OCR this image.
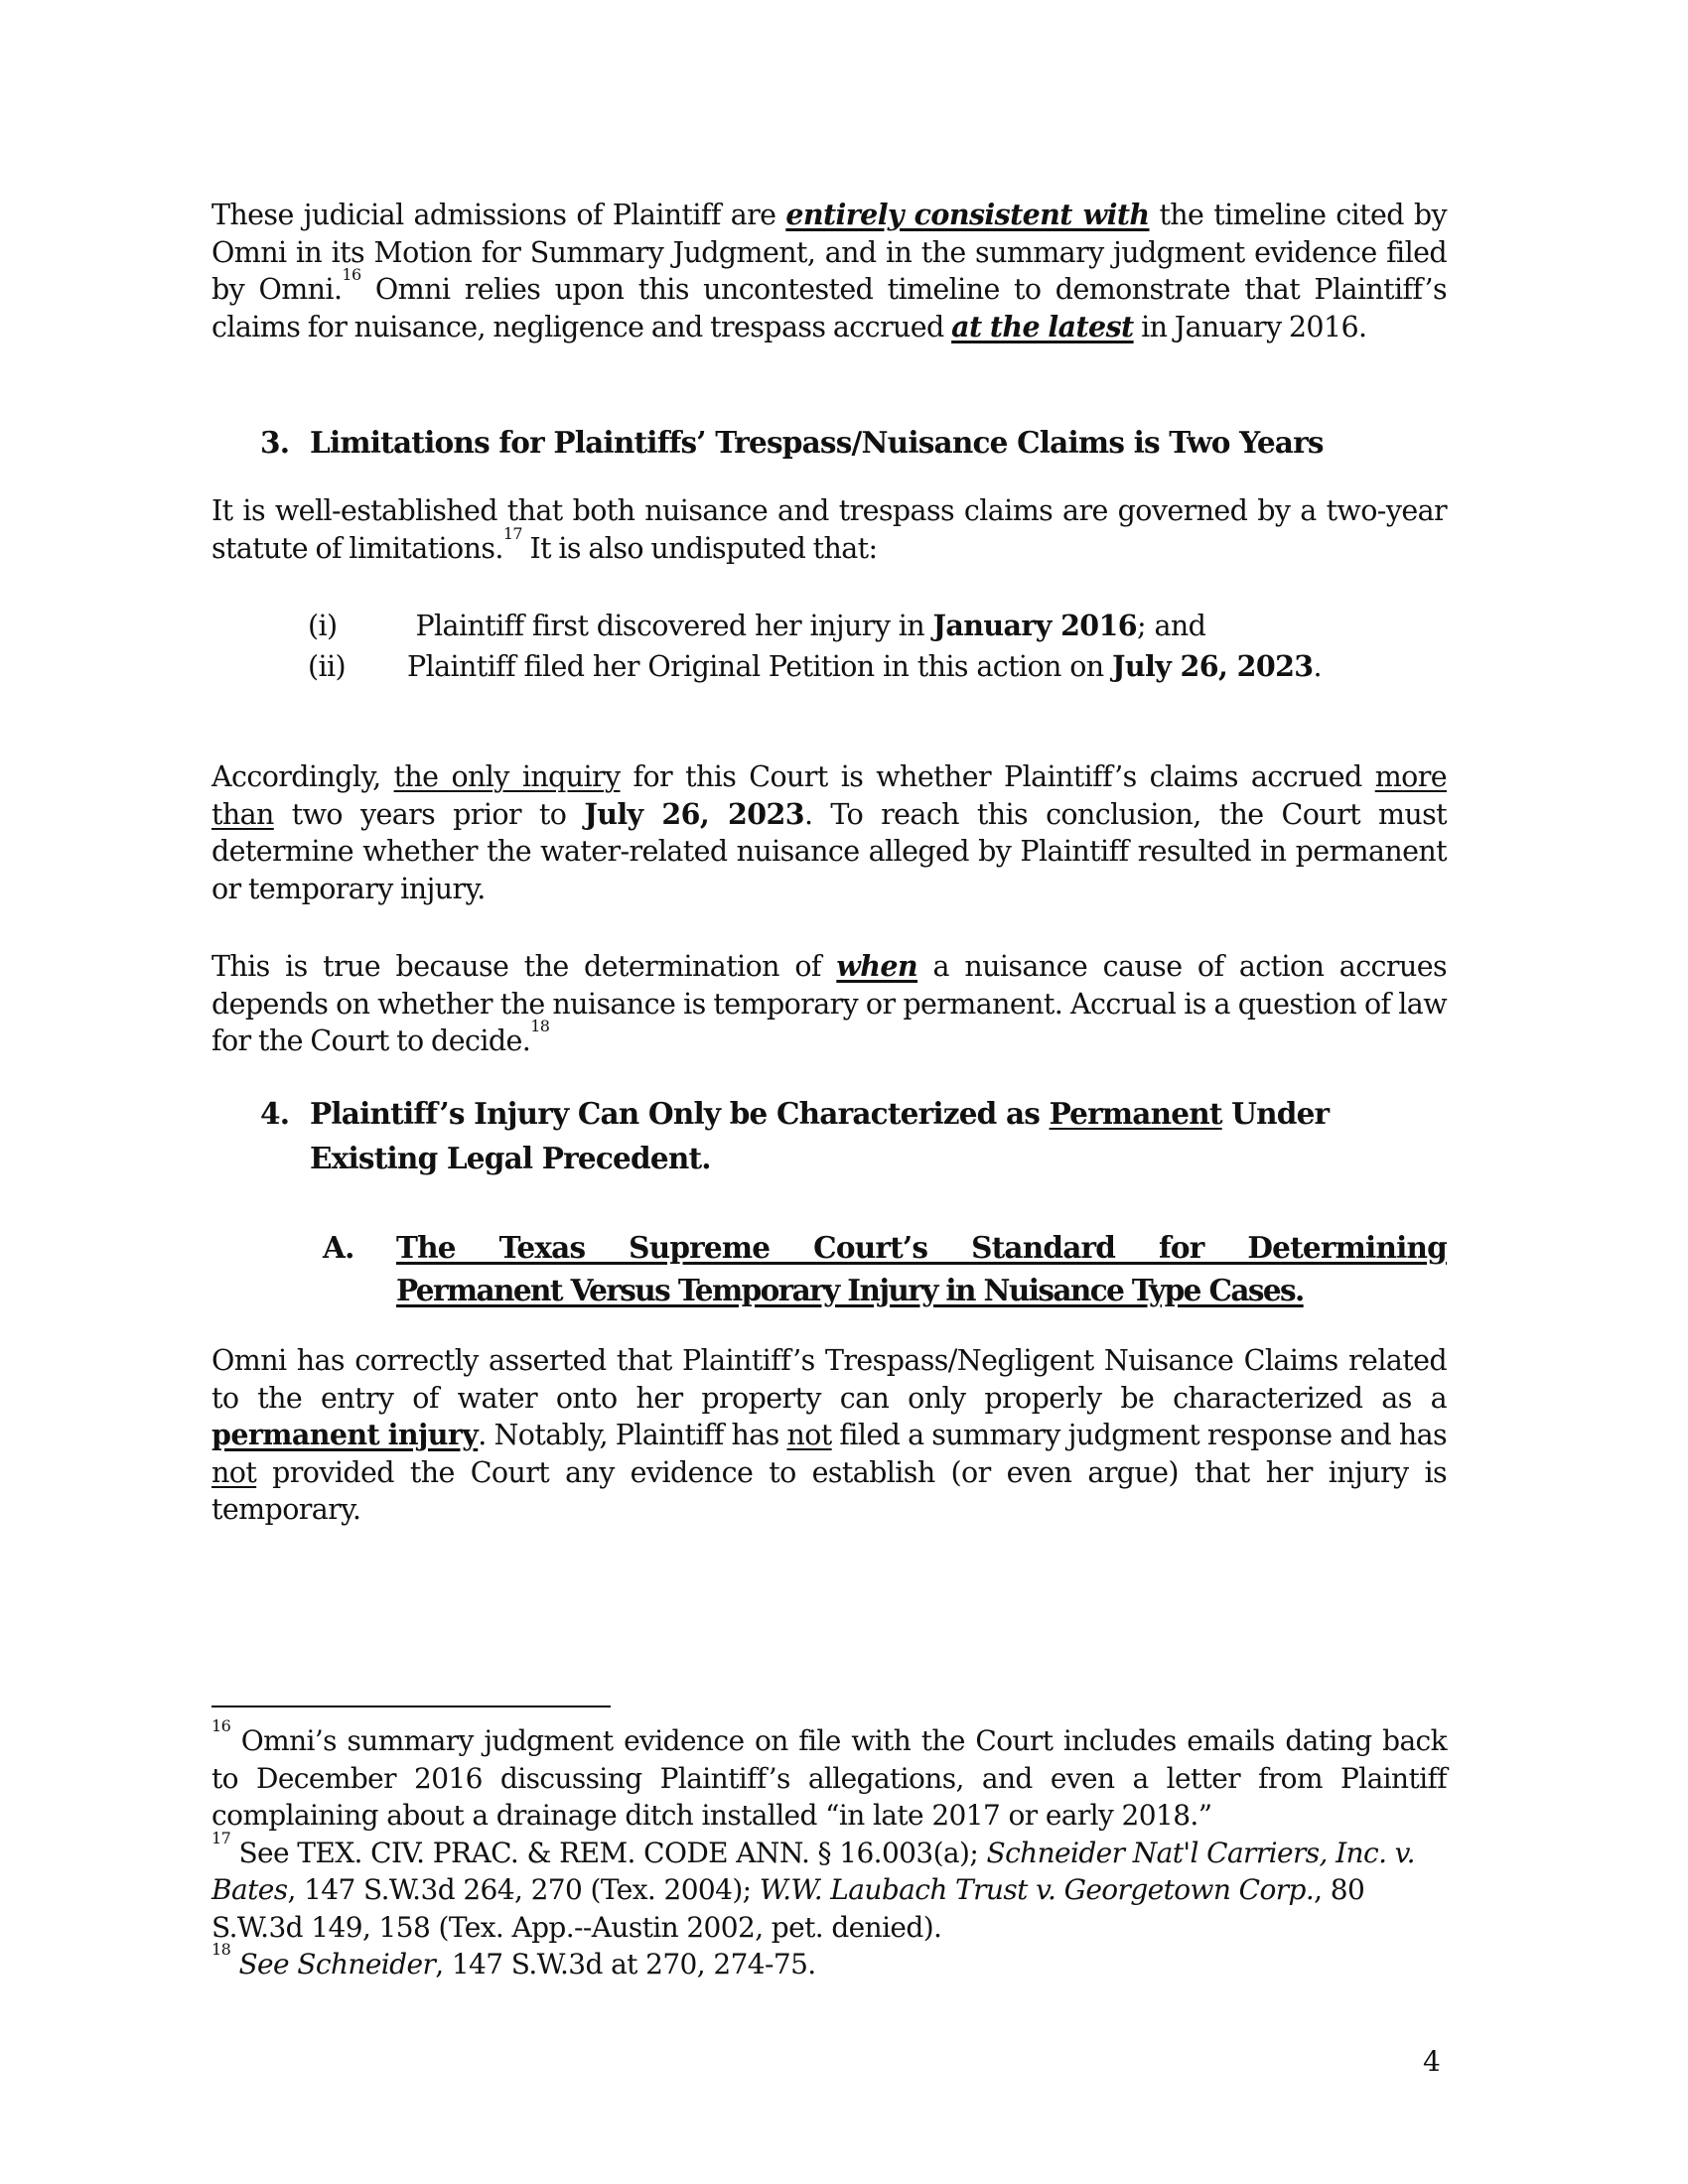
These judicial admissions of Plaintiff are entirely consistent with the timeline cited by Omni in its Motion for Summary Judgment, and in the summary judgment evidence filed by Omni.$^{16}$ Omni relies upon this uncontested timeline to demonstrate that Plaintiff’s claims for nuisance, negligence and trespass accrued at the latest in January 2016.

3. Limitations for Plaintiffs’ Trespass/Nuisance Claims is Two Years

It is well-established that both nuisance and trespass claims are governed by a two-year statute of limitations.$^{17}$ It is also undisputed that:

(i) Plaintiff first discovered her injury in January 2016; and
(ii) Plaintiff filed her Original Petition in this action on July 26, 2023.

Accordingly, the only inquiry for this Court is whether Plaintiff’s claims accrued more than two years prior to July 26, 2023. To reach this conclusion, the Court must determine whether the water-related nuisance alleged by Plaintiff resulted in permanent or temporary injury.

This is true because the determination of when a nuisance cause of action accrues depends on whether the nuisance is temporary or permanent. Accrual is a question of law for the Court to decide.$^{18}$

4. Plaintiff’s Injury Can Only be Characterized as Permanent Under
Existing Legal Precedent.
A. The Texas Supreme Court’s Standard for Determining
Permanent Versus Temporary Injury in Nuisance Type Cases.

Omni has correctly asserted that Plaintiff’s Trespass/Negligent Nuisance Claims related to the entry of water onto her property can only properly be characterized as a permanent injury. Notably, Plaintiff has not filed a summary judgment response and has not provided the Court any evidence to establish (or even argue) that her injury is temporary.

$^{16}$ Omni’s summary judgment evidence on file with the Court includes emails dating back to December 2016 discussing Plaintiff’s allegations, and even a letter from Plaintiff complaining about a drainage ditch installed “in late 2017 or early 2018.”

$^{17}$ See TEX. CIV. PRAC. & REM. CODE ANN. § 16.003(a); Schneider Nat'l Carriers, Inc. v. Bates, 147 S.W.3d 264, 270 (Tex. 2004); W.W. Laubach Trust v. Georgetown Corp., 80 S.W.3d 149, 158 (Tex. App.--Austin 2002, pet. denied).

$^{18}$ See Schneider, 147 S.W.3d at 270, 274-75.

4
